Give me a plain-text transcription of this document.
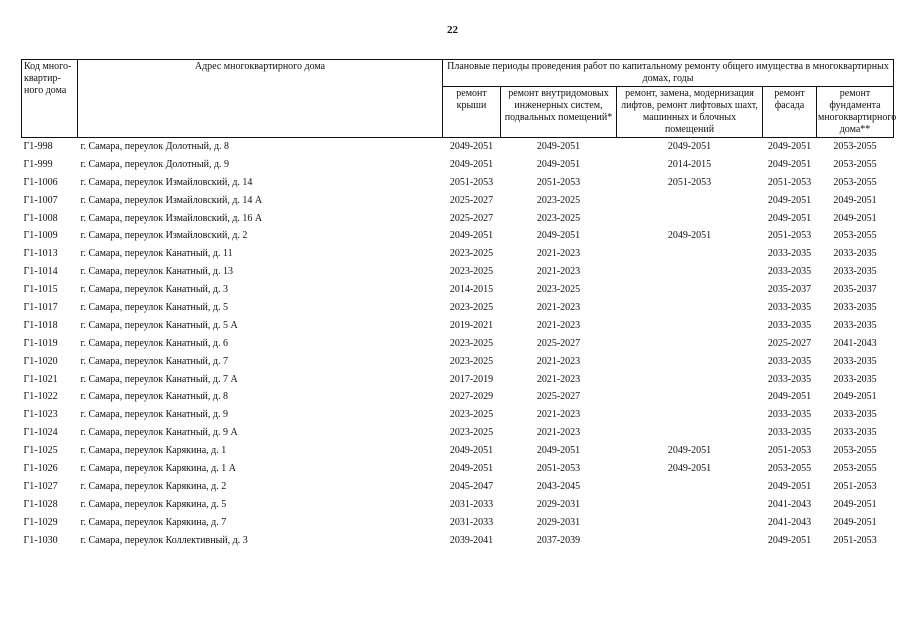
22
Код много- квартир- ного дома	Адрес многоквартирного дома	Плановые периоды проведения работ по капитальному ремонту общего имущества в многоквартирных домах, годы				
		ремонт крыши	ремонт внутридомовых инженерных систем, подвальных помещений*	ремонт, замена, модернизация лифтов, ремонт лифтовых шахт, машинных и блочных помещений	ремонт фасада	ремонт фундамента многоквартирного дома**
Г1-998	г. Самара, переулок Долотный, д. 8	2049-2051	2049-2051	2049-2051	2049-2051	2053-2055
Г1-999	г. Самара, переулок Долотный, д. 9	2049-2051	2049-2051	2014-2015	2049-2051	2053-2055
Г1-1006	г. Самара, переулок Измайловский, д. 14	2051-2053	2051-2053	2051-2053	2051-2053	2053-2055
Г1-1007	г. Самара, переулок Измайловский, д. 14 А	2025-2027	2023-2025		2049-2051	2049-2051
Г1-1008	г. Самара, переулок Измайловский, д. 16 А	2025-2027	2023-2025		2049-2051	2049-2051
Г1-1009	г. Самара, переулок Измайловский, д. 2	2049-2051	2049-2051	2049-2051	2051-2053	2053-2055
Г1-1013	г. Самара, переулок Канатный, д. 11	2023-2025	2021-2023		2033-2035	2033-2035
Г1-1014	г. Самара, переулок Канатный, д. 13	2023-2025	2021-2023		2033-2035	2033-2035
Г1-1015	г. Самара, переулок Канатный, д. 3	2014-2015	2023-2025		2035-2037	2035-2037
Г1-1017	г. Самара, переулок Канатный, д. 5	2023-2025	2021-2023		2033-2035	2033-2035
Г1-1018	г. Самара, переулок Канатный, д. 5 А	2019-2021	2021-2023		2033-2035	2033-2035
Г1-1019	г. Самара, переулок Канатный, д. 6	2023-2025	2025-2027		2025-2027	2041-2043
Г1-1020	г. Самара, переулок Канатный, д. 7	2023-2025	2021-2023		2033-2035	2033-2035
Г1-1021	г. Самара, переулок Канатный, д. 7 А	2017-2019	2021-2023		2033-2035	2033-2035
Г1-1022	г. Самара, переулок Канатный, д. 8	2027-2029	2025-2027		2049-2051	2049-2051
Г1-1023	г. Самара, переулок Канатный, д. 9	2023-2025	2021-2023		2033-2035	2033-2035
Г1-1024	г. Самара, переулок Канатный, д. 9 А	2023-2025	2021-2023		2033-2035	2033-2035
Г1-1025	г. Самара, переулок Карякина, д. 1	2049-2051	2049-2051	2049-2051	2051-2053	2053-2055
Г1-1026	г. Самара, переулок Карякина, д. 1 А	2049-2051	2051-2053	2049-2051	2053-2055	2053-2055
Г1-1027	г. Самара, переулок Карякина, д. 2	2045-2047	2043-2045		2049-2051	2051-2053
Г1-1028	г. Самара, переулок Карякина, д. 5	2031-2033	2029-2031		2041-2043	2049-2051
Г1-1029	г. Самара, переулок Карякина, д. 7	2031-2033	2029-2031		2041-2043	2049-2051
Г1-1030	г. Самара, переулок Коллективный, д. 3	2039-2041	2037-2039		2049-2051	2051-2053
